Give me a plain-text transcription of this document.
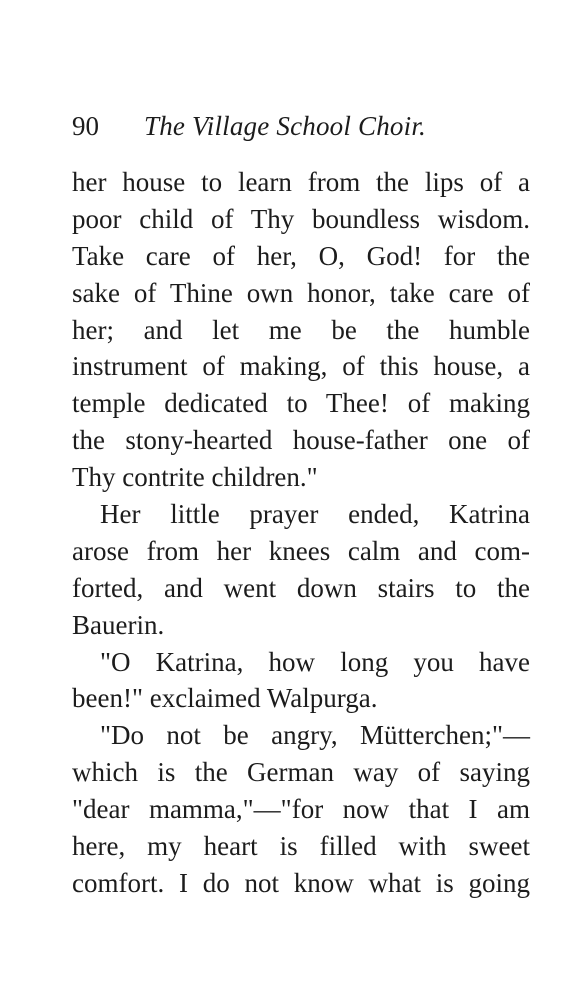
90 The Village School Choir.
her house to learn from the lips of a
poor child of Thy boundless wisdom.
Take care of her, O, God! for the
sake of Thine own honor, take care of
her; and let me be the humble
instrument of making, of this house, a
temple dedicated to Thee! of making
the stony-hearted house-father one of
Thy contrite children."
Her little prayer ended, Katrina
arose from her knees calm and com-
forted, and went down stairs to the
Bauerin.
"O Katrina, how long you have
been!" exclaimed Walpurga.
"Do not be angry, Mütterchen;"—
which is the German way of saying
"dear mamma,"—"for now that I am
here, my heart is filled with sweet
comfort. I do not know what is going
